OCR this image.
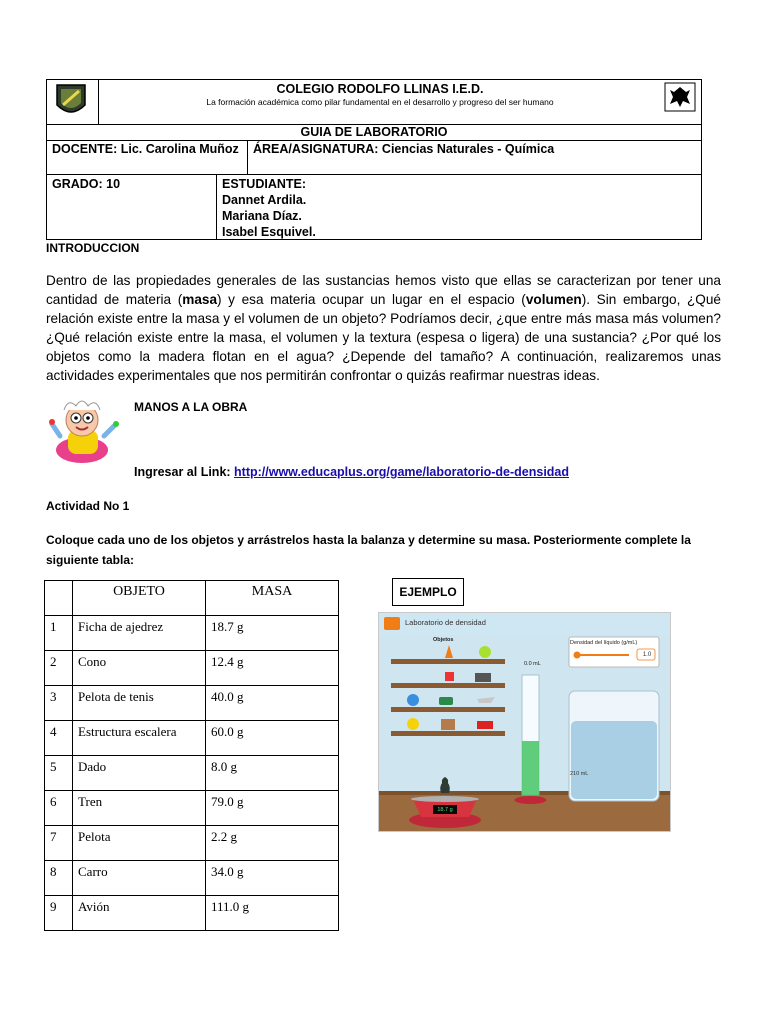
COLEGIO RODOLFO LLINAS I.E.D.
La formación académica como pilar fundamental en el desarrollo y progreso del ser humano
GUIA DE LABORATORIO
DOCENTE: Lic. Carolina Muñoz	ÁREA/ASIGNATURA: Ciencias Naturales - Química
GRADO: 10	ESTUDIANTE:
Dannet Ardila.
Mariana Díaz.
Isabel Esquivel.
INTRODUCCION
Dentro de las propiedades generales de las sustancias hemos visto que ellas se caracterizan por tener una cantidad de materia (masa) y esa materia ocupar un lugar en el espacio (volumen). Sin embargo, ¿Qué relación existe entre la masa y el volumen de un objeto? Podríamos decir, ¿que entre más masa más volumen? ¿Qué relación existe entre la masa, el volumen y la textura (espesa o ligera) de una sustancia? ¿Por qué los objetos como la madera flotan en el agua? ¿Depende del tamaño? A continuación, realizaremos unas actividades experimentales que nos permitirán confrontar o quizás reafirmar nuestras ideas.
MANOS A LA OBRA
Ingresar al Link: http://www.educaplus.org/game/laboratorio-de-densidad
Actividad No 1
Coloque cada uno de los objetos y arrástrelos hasta la balanza y determine su masa. Posteriormente complete la siguiente tabla:
	OBJETO	MASA
1	Ficha de ajedrez	18.7 g
2	Cono	12.4 g
3	Pelota de tenis	40.0 g
4	Estructura escalera	60.0 g
5	Dado	8.0 g
6	Tren	79.0 g
7	Pelota	2.2 g
8	Carro	34.0 g
9	Avión	111.0 g
EJEMPLO
Laboratorio de densidad
Objetos	Densidad del líquido (g/mL)
1.0
0.0 mL
210 mL
18.7 g
